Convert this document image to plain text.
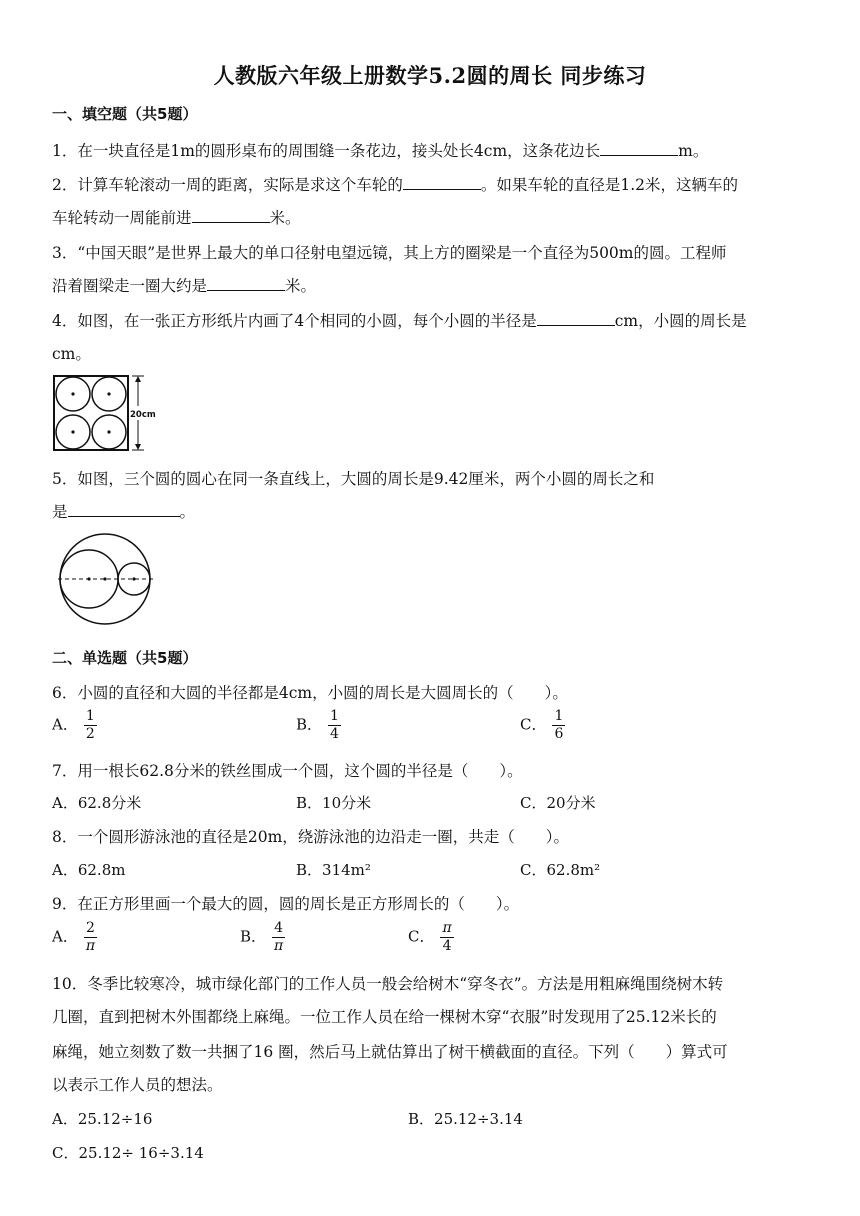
人教版六年级上册数学5.2圆的周长 同步练习
一、填空题（共5题）
1．在一块直径是1m的圆形桌布的周围缝一条花边，接头处长4cm，这条花边长	m。
2．计算车轮滚动一周的距离，实际是求这个车轮的	。如果车轮的直径是1.2米，这辆车的
车轮转动一周能前进	米。
3．“中国天眼”是世界上最大的单口径射电望远镜，其上方的圈梁是一个直径为500m的圆。工程师
沿着圈梁走一圈大约是	米。
4．如图，在一张正方形纸片内画了4个相同的小圆，每个小圆的半径是	cm，小圆的周长是
cm。
20cm
5．如图，三个圆的圆心在同一条直线上，大圆的周长是9.42厘米，两个小圆的周长之和
是	。
二、单选题（共5题）
6．小圆的直径和大圆的半径都是4cm，小圆的周长是大圆周长的（　　）。
A． $\frac{1}{2}$	B． $\frac{1}{4}$	C． $\frac{1}{6}$
7．用一根长62.8分米的铁丝围成一个圆，这个圆的半径是（　　）。
A．62.8分米	B．10分米	C．20分米
8．一个圆形游泳池的直径是20m，绕游泳池的边沿走一圈，共走（　　）。
A．62.8m	B．314m²	C．62.8m²
9．在正方形里画一个最大的圆，圆的周长是正方形周长的（　　）。
A． $\frac{2}{\pi}$	B． $\frac{4}{\pi}$	C． $\frac{\pi}{4}$
10．冬季比较寒冷，城市绿化部门的工作人员一般会给树木“穿冬衣”。方法是用粗麻绳围绕树木转
几圈，直到把树木外围都绕上麻绳。一位工作人员在给一棵树木穿“衣服”时发现用了25.12米长的
麻绳，她立刻数了数一共捆了16 圈，然后马上就估算出了树干横截面的直径。下列（　　）算式可
以表示工作人员的想法。
A．25.12÷16	B．25.12÷3.14
C．25.12÷ 16÷3.14
